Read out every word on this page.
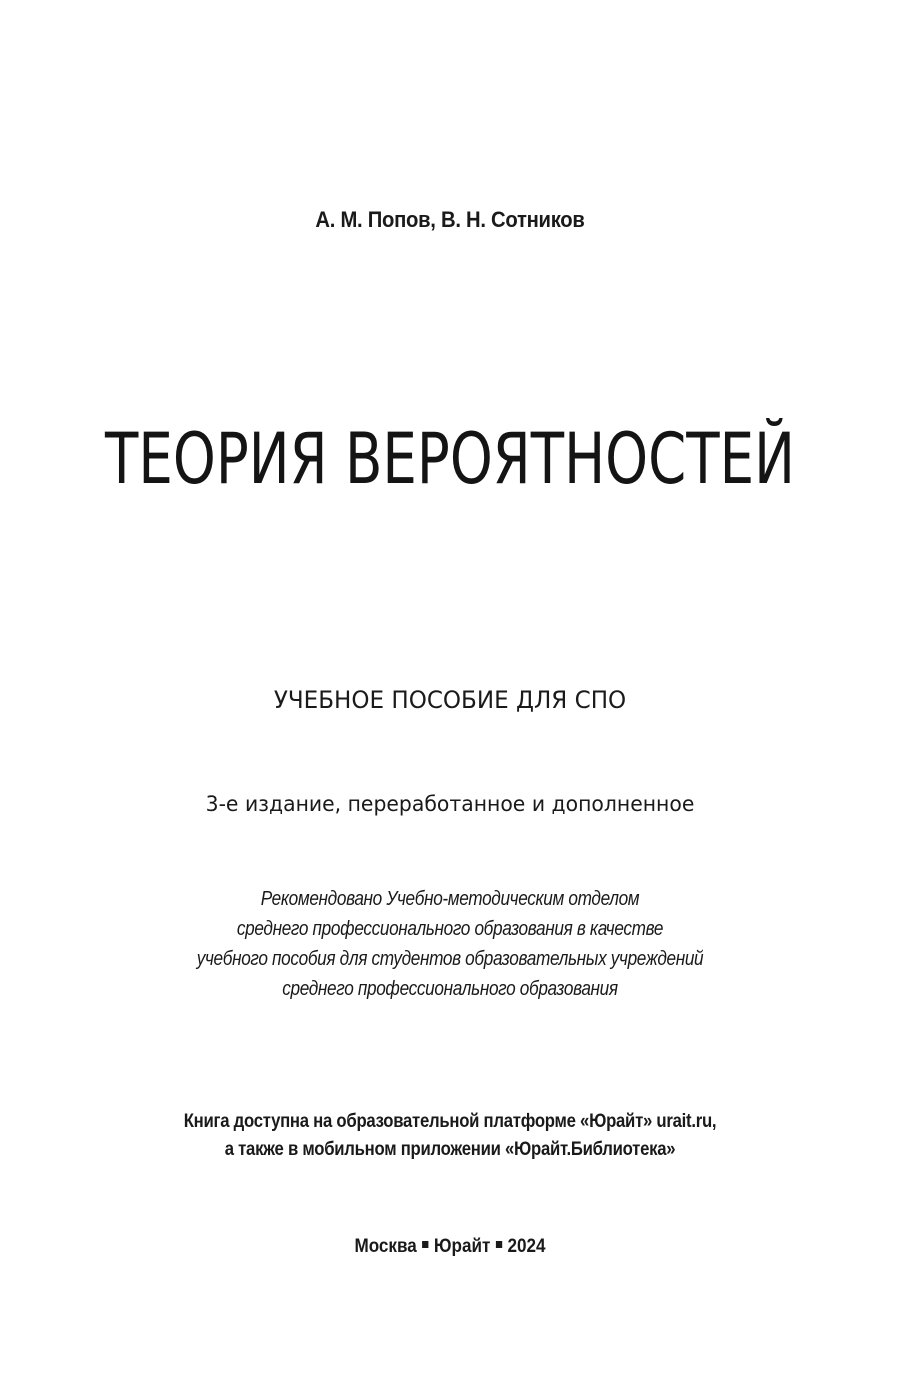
А. М. Попов, В. Н. Сотников
ТЕОРИЯ ВЕРОЯТНОСТЕЙ
УЧЕБНОЕ ПОСОБИЕ ДЛЯ СПО
3-е издание, переработанное и дополненное
Рекомендовано Учебно-методическим отделом
среднего профессионального образования в качестве
учебного пособия для студентов образовательных учреждений
среднего профессионального образования
Книга доступна на образовательной платформе «Юрайт» urait.ru,
а также в мобильном приложении «Юрайт.Библиотека»
Москва Юрайт 2024
